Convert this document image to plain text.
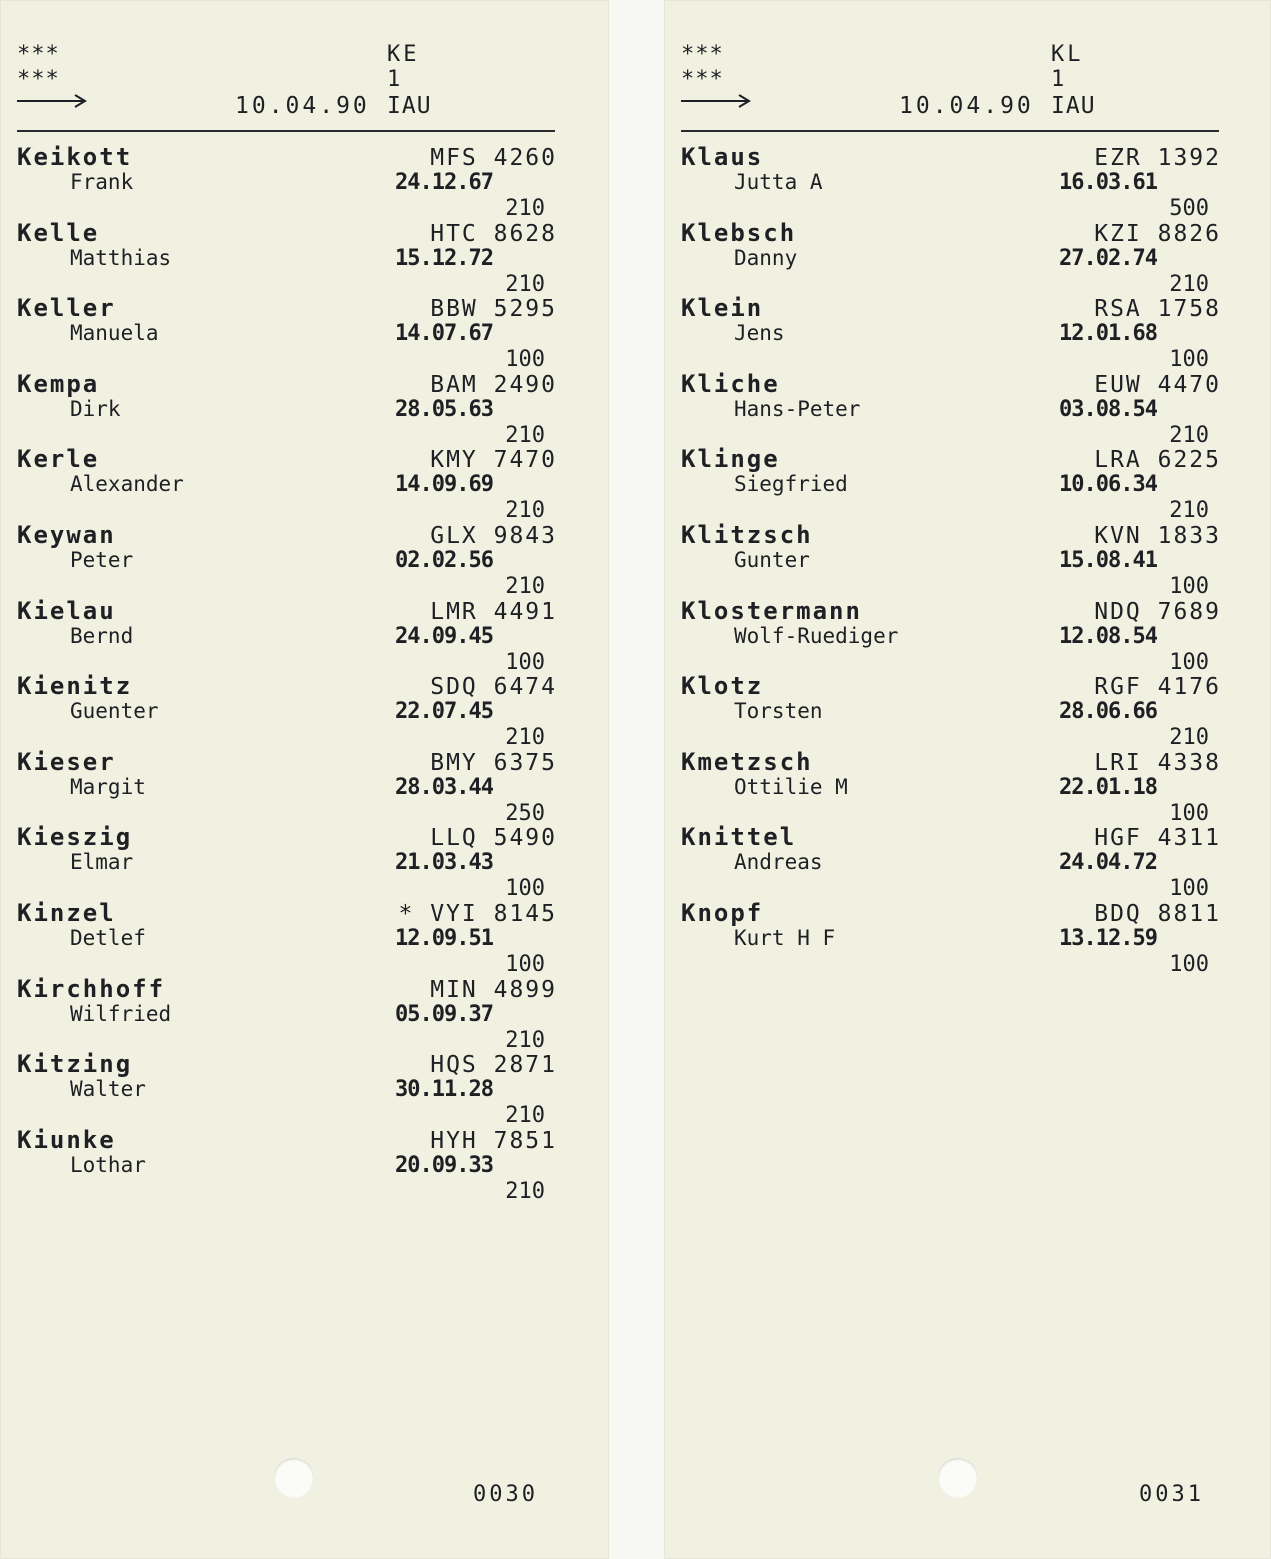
***
***
10.04.90
KE
1
IAU
Keikott
Frank
MFS 4260
24.12.67
210
Kelle
Matthias
HTC 8628
15.12.72
210
Keller
Manuela
BBW 5295
14.07.67
100
Kempa
Dirk
BAM 2490
28.05.63
210
Kerle
Alexander
KMY 7470
14.09.69
210
Keywan
Peter
GLX 9843
02.02.56
210
Kielau
Bernd
LMR 4491
24.09.45
100
Kienitz
Guenter
SDQ 6474
22.07.45
210
Kieser
Margit
BMY 6375
28.03.44
250
Kieszig
Elmar
LLQ 5490
21.03.43
100
Kinzel
Detlef
* VYI 8145
12.09.51
100
Kirchhoff
Wilfried
MIN 4899
05.09.37
210
Kitzing
Walter
HQS 2871
30.11.28
210
Kiunke
Lothar
HYH 7851
20.09.33
210
0030
***
***
10.04.90
KL
1
IAU
Klaus
Jutta A
EZR 1392
16.03.61
500
Klebsch
Danny
KZI 8826
27.02.74
210
Klein
Jens
RSA 1758
12.01.68
100
Kliche
Hans-Peter
EUW 4470
03.08.54
210
Klinge
Siegfried
LRA 6225
10.06.34
210
Klitzsch
Gunter
KVN 1833
15.08.41
100
Klostermann
Wolf-Ruediger
NDQ 7689
12.08.54
100
Klotz
Torsten
RGF 4176
28.06.66
210
Kmetzsch
Ottilie M
LRI 4338
22.01.18
100
Knittel
Andreas
HGF 4311
24.04.72
100
Knopf
Kurt H F
BDQ 8811
13.12.59
100
0031
